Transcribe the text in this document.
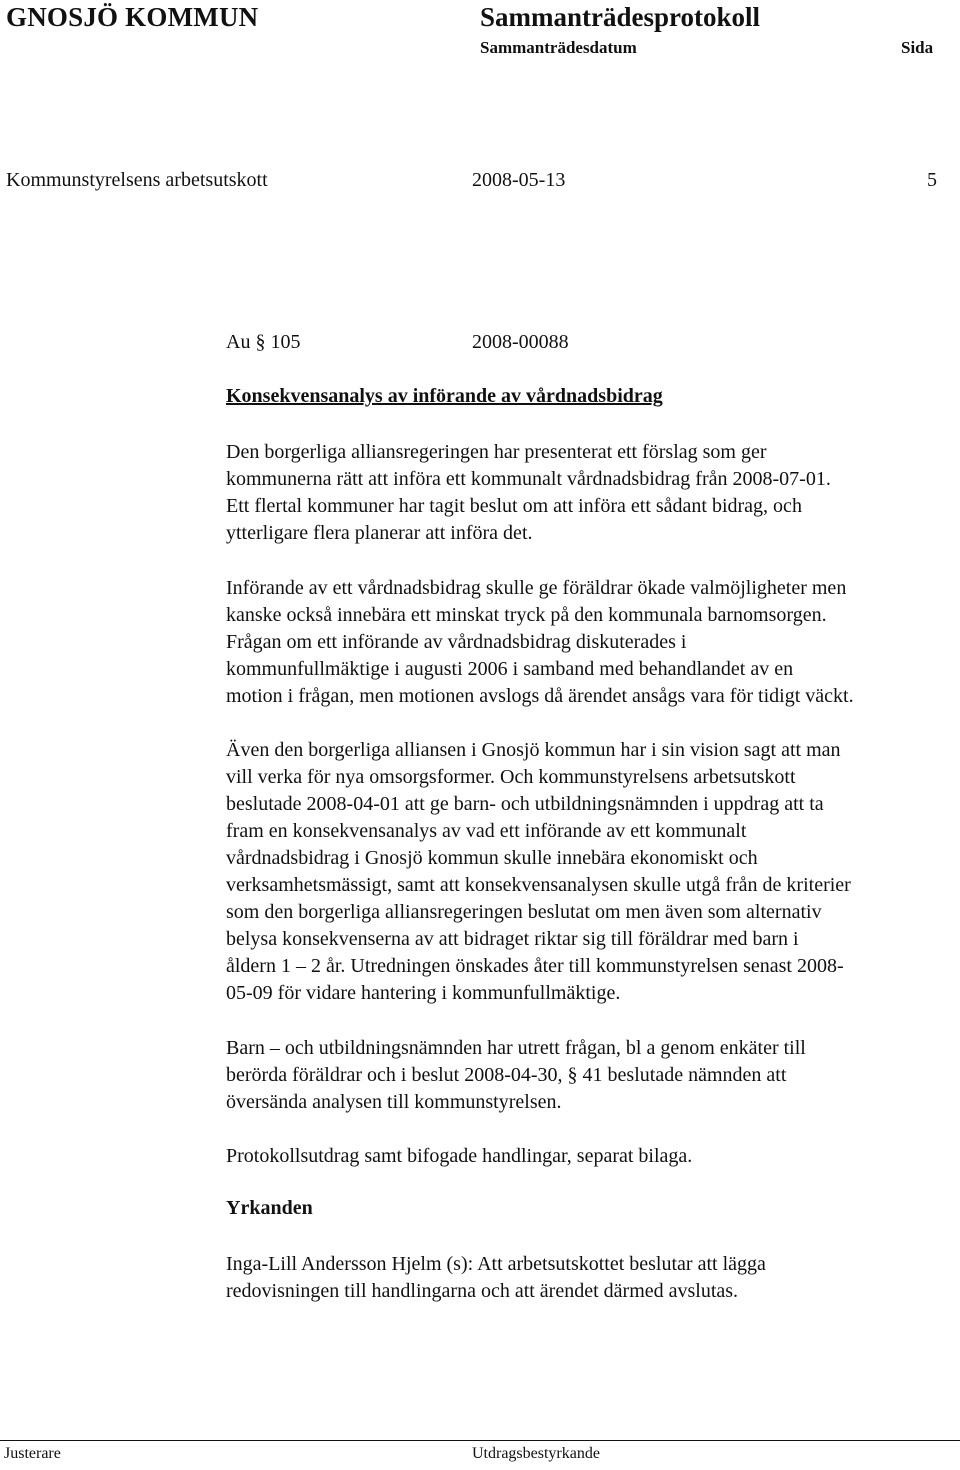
GNOSJÖ KOMMUN	Sammanträdesprotokoll
Sammanträdesdatum	Sida
Kommunstyrelsens arbetsutskott	2008-05-13	5
Au § 105	2008-00088
Konsekvensanalys av införande av vårdnadsbidrag
Den borgerliga alliansregeringen har presenterat ett förslag som ger
kommunerna rätt att införa ett kommunalt vårdnadsbidrag från 2008-07-01.
Ett flertal kommuner har tagit beslut om att införa ett sådant bidrag, och
ytterligare flera planerar att införa det.
Införande av ett vårdnadsbidrag skulle ge föräldrar ökade valmöjligheter men
kanske också innebära ett minskat tryck på den kommunala barnomsorgen.
Frågan om ett införande av vårdnadsbidrag diskuterades i
kommunfullmäktige i augusti 2006 i samband med behandlandet av en
motion i frågan, men motionen avslogs då ärendet ansågs vara för tidigt väckt.
Även den borgerliga alliansen i Gnosjö kommun har i sin vision sagt att man
vill verka för nya omsorgsformer. Och kommunstyrelsens arbetsutskott
beslutade 2008-04-01 att ge barn- och utbildningsnämnden i uppdrag att ta
fram en konsekvensanalys av vad ett införande av ett kommunalt
vårdnadsbidrag i Gnosjö kommun skulle innebära ekonomiskt och
verksamhetsmässigt, samt att konsekvensanalysen skulle utgå från de kriterier
som den borgerliga alliansregeringen beslutat om men även som alternativ
belysa konsekvenserna av att bidraget riktar sig till föräldrar med barn i
åldern 1 – 2 år. Utredningen önskades åter till kommunstyrelsen senast 2008-
05-09 för vidare hantering i kommunfullmäktige.
Barn – och utbildningsnämnden har utrett frågan, bl a genom enkäter till
berörda föräldrar och i beslut 2008-04-30, § 41 beslutade nämnden att
översända analysen till kommunstyrelsen.
Protokollsutdrag samt bifogade handlingar, separat bilaga.
Yrkanden
Inga-Lill Andersson Hjelm (s): Att arbetsutskottet beslutar att lägga
redovisningen till handlingarna och att ärendet därmed avslutas.
Justerare	Utdragsbestyrkande
